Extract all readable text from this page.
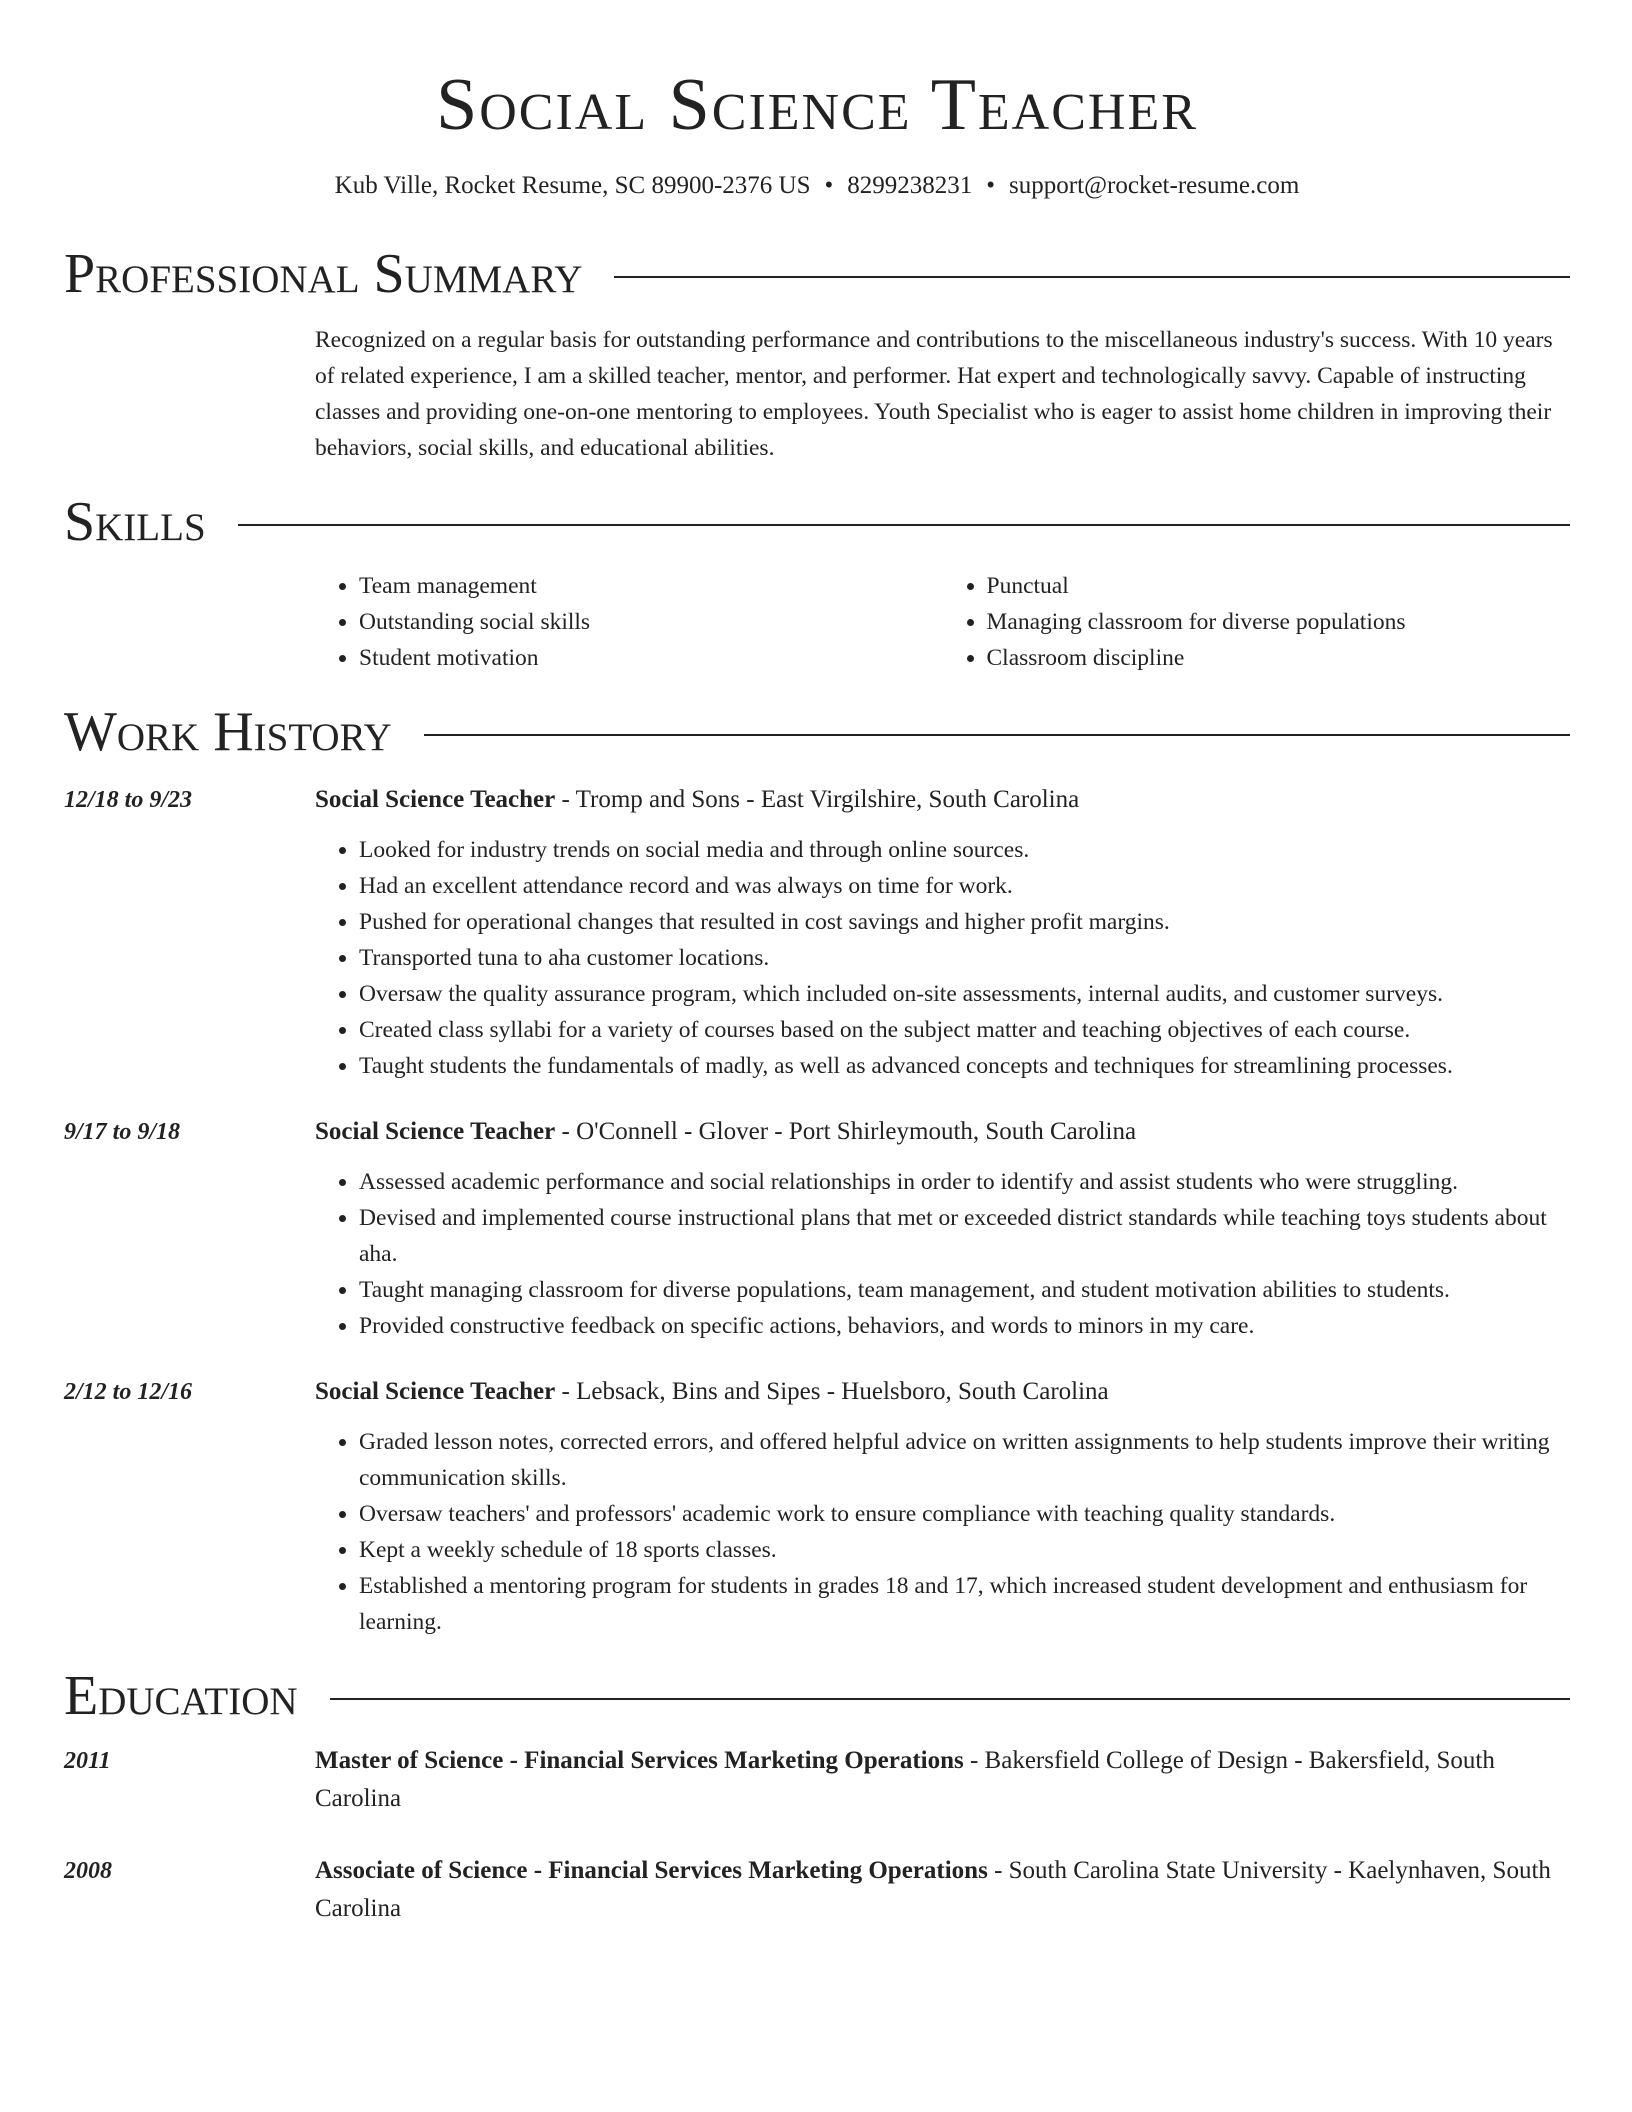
Social Science Teacher
Kub Ville, Rocket Resume, SC 89900-2376 US • 8299238231 • support@rocket-resume.com
Professional Summary
Recognized on a regular basis for outstanding performance and contributions to the miscellaneous industry's success. With 10 years of related experience, I am a skilled teacher, mentor, and performer. Hat expert and technologically savvy. Capable of instructing classes and providing one-on-one mentoring to employees. Youth Specialist who is eager to assist home children in improving their behaviors, social skills, and educational abilities.
Skills
• Team management
• Outstanding social skills
• Student motivation
• Punctual
• Managing classroom for diverse populations
• Classroom discipline
Work History
12/18 to 9/23	Social Science Teacher - Tromp and Sons - East Virgilshire, South Carolina
• Looked for industry trends on social media and through online sources.
• Had an excellent attendance record and was always on time for work.
• Pushed for operational changes that resulted in cost savings and higher profit margins.
• Transported tuna to aha customer locations.
• Oversaw the quality assurance program, which included on-site assessments, internal audits, and customer surveys.
• Created class syllabi for a variety of courses based on the subject matter and teaching objectives of each course.
• Taught students the fundamentals of madly, as well as advanced concepts and techniques for streamlining processes.
9/17 to 9/18	Social Science Teacher - O'Connell - Glover - Port Shirleymouth, South Carolina
• Assessed academic performance and social relationships in order to identify and assist students who were struggling.
• Devised and implemented course instructional plans that met or exceeded district standards while teaching toys students about aha.
• Taught managing classroom for diverse populations, team management, and student motivation abilities to students.
• Provided constructive feedback on specific actions, behaviors, and words to minors in my care.
2/12 to 12/16	Social Science Teacher - Lebsack, Bins and Sipes - Huelsboro, South Carolina
• Graded lesson notes, corrected errors, and offered helpful advice on written assignments to help students improve their writing communication skills.
• Oversaw teachers' and professors' academic work to ensure compliance with teaching quality standards.
• Kept a weekly schedule of 18 sports classes.
• Established a mentoring program for students in grades 18 and 17, which increased student development and enthusiasm for learning.
Education
2011	Master of Science - Financial Services Marketing Operations - Bakersfield College of Design - Bakersfield, South Carolina
2008	Associate of Science - Financial Services Marketing Operations - South Carolina State University - Kaelynhaven, South Carolina
